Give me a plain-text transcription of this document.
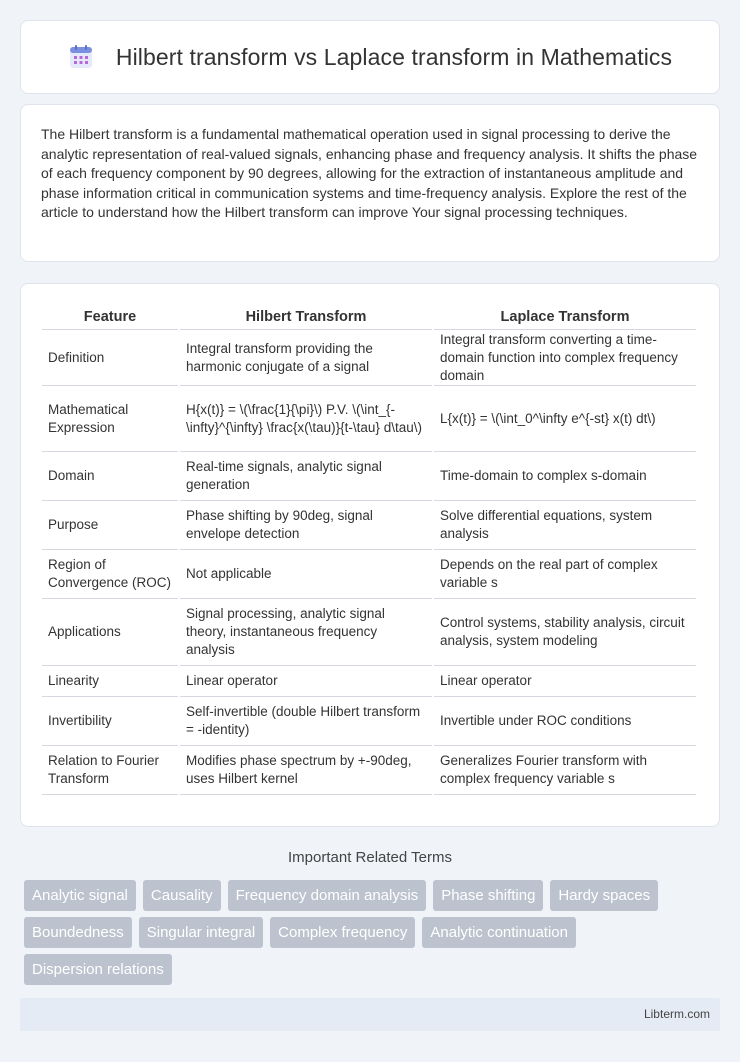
Hilbert transform vs Laplace transform in Mathematics

The Hilbert transform is a fundamental mathematical operation used in signal processing to derive the analytic representation of real-valued signals, enhancing phase and frequency analysis. It shifts the phase of each frequency component by 90 degrees, allowing for the extraction of instantaneous amplitude and phase information critical in communication systems and time-frequency analysis. Explore the rest of the article to understand how the Hilbert transform can improve Your signal processing techniques.

Feature	Hilbert Transform	Laplace Transform
Definition	Integral transform providing the harmonic conjugate of a signal	Integral transform converting a time-domain function into complex frequency domain
Mathematical Expression	H{x(t)} = \(\frac{1}{\pi}\) P.V. \(\int_{-\infty}^{\infty} \frac{x(\tau)}{t-\tau} d\tau\)	L{x(t)} = \(\int_0^\infty e^{-st} x(t) dt\)
Domain	Real-time signals, analytic signal generation	Time-domain to complex s-domain
Purpose	Phase shifting by 90deg, signal envelope detection	Solve differential equations, system analysis
Region of Convergence (ROC)	Not applicable	Depends on the real part of complex variable s
Applications	Signal processing, analytic signal theory, instantaneous frequency analysis	Control systems, stability analysis, circuit analysis, system modeling
Linearity	Linear operator	Linear operator
Invertibility	Self-invertible (double Hilbert transform = -identity)	Invertible under ROC conditions
Relation to Fourier Transform	Modifies phase spectrum by +-90deg, uses Hilbert kernel	Generalizes Fourier transform with complex frequency variable s
Important Related Terms
Analytic signal	Causality	Frequency domain analysis	Phase shifting	Hardy spaces
Boundedness	Singular integral	Complex frequency	Analytic continuation
Dispersion relations
Libterm.com
